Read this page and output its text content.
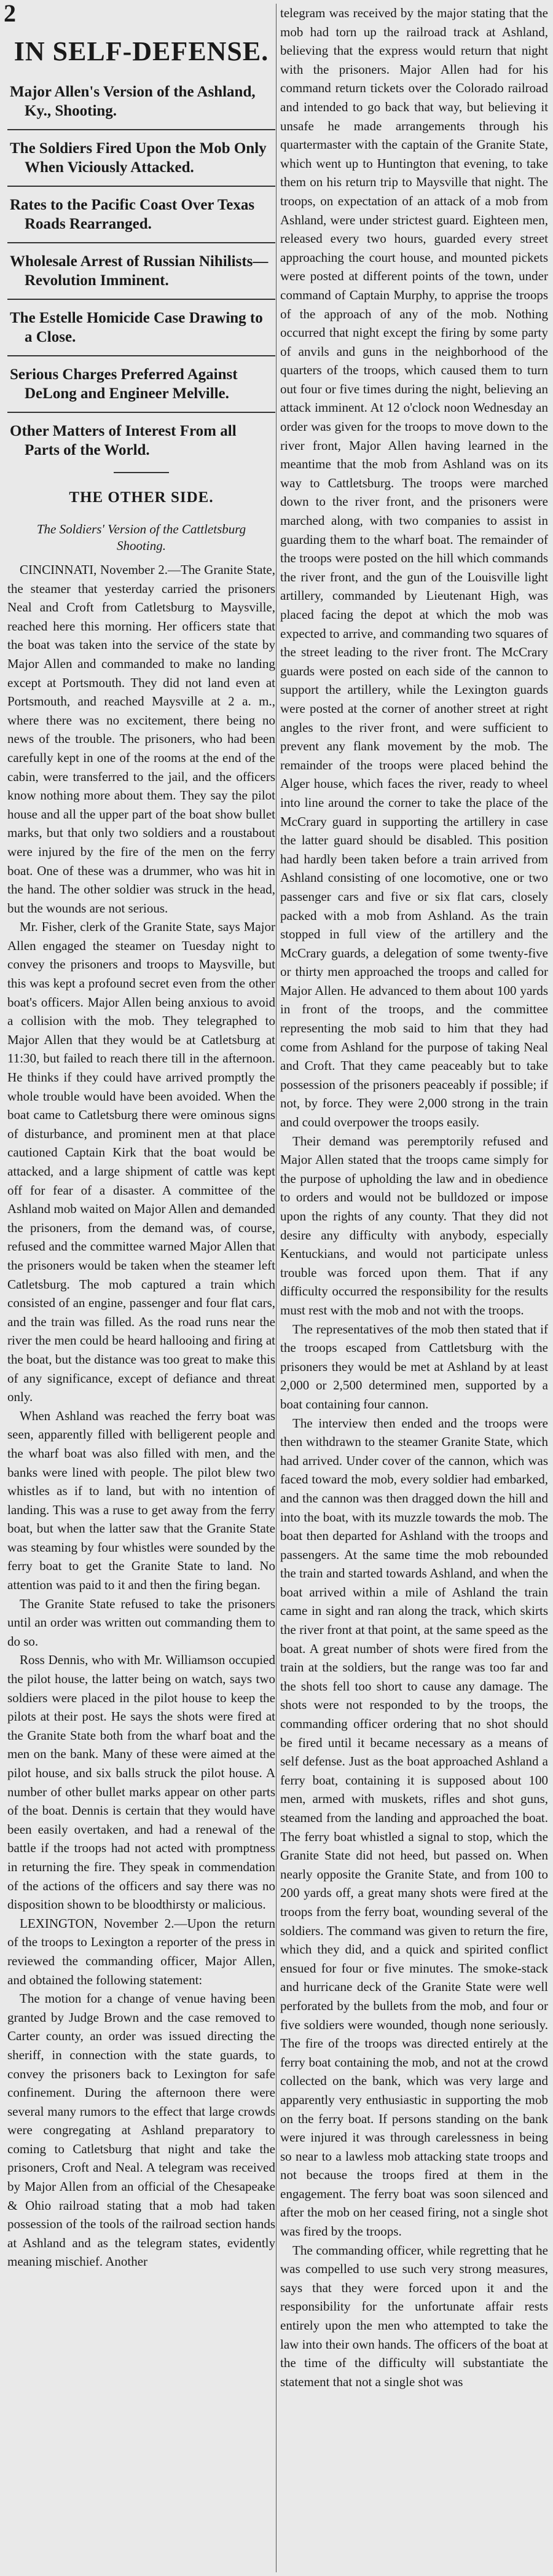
2
IN SELF-DEFENSE.

Major Allen's Version of the Ashland, Ky., Shooting.

The Soldiers Fired Upon the Mob Only When Viciously Attacked.

Rates to the Pacific Coast Over Texas Roads Rearranged.

Wholesale Arrest of Russian Nihilists—Revolution Imminent.

The Estelle Homicide Case Drawing to a Close.

Serious Charges Preferred Against DeLong and Engineer Melville.

Other Matters of Interest From all Parts of the World.

THE OTHER SIDE.
The Soldiers' Version of the Cattletsburg Shooting.

CINCINNATI, November 2.—The Granite State, the steamer that yesterday carried the prisoners Neal and Croft from Catletsburg to Maysville, reached here this morning. Her officers state that the boat was taken into the service of the state by Major Allen and commanded to make no landing except at Portsmouth. They did not land even at Portsmouth, and reached Maysville at 2 a. m., where there was no excitement, there being no news of the trouble. The prisoners, who had been carefully kept in one of the rooms at the end of the cabin, were transferred to the jail, and the officers know nothing more about them. They say the pilot house and all the upper part of the boat show bullet marks, but that only two soldiers and a roustabout were injured by the fire of the men on the ferry boat. One of these was a drummer, who was hit in the hand. The other soldier was struck in the head, but the wounds are not serious.

Mr. Fisher, clerk of the Granite State, says Major Allen engaged the steamer on Tuesday night to convey the prisoners and troops to Maysville, but this was kept a profound secret even from the other boat's officers. Major Allen being anxious to avoid a collision with the mob. They telegraphed to Major Allen that they would be at Catletsburg at 11:30, but failed to reach there till in the afternoon. He thinks if they could have arrived promptly the whole trouble would have been avoided. When the boat came to Catletsburg there were ominous signs of disturbance, and prominent men at that place cautioned Captain Kirk that the boat would be attacked, and a large shipment of cattle was kept off for fear of a disaster. A committee of the Ashland mob waited on Major Allen and demanded the prisoners, from the demand was, of course, refused and the committee warned Major Allen that the prisoners would be taken when the steamer left Catletsburg. The mob captured a train which consisted of an engine, passenger and four flat cars, and the train was filled. As the road runs near the river the men could be heard hallooing and firing at the boat, but the distance was too great to make this of any significance, except of defiance and threat only.

When Ashland was reached the ferry boat was seen, apparently filled with belligerent people and the wharf boat was also filled with men, and the banks were lined with people. The pilot blew two whistles as if to land, but with no intention of landing. This was a ruse to get away from the ferry boat, but when the latter saw that the Granite State was steaming by four whistles were sounded by the ferry boat to get the Granite State to land. No attention was paid to it and then the firing began.

The Granite State refused to take the prisoners until an order was written out commanding them to do so.

Ross Dennis, who with Mr. Williamson occupied the pilot house, the latter being on watch, says two soldiers were placed in the pilot house to keep the pilots at their post. He says the shots were fired at the Granite State both from the wharf boat and the men on the bank. Many of these were aimed at the pilot house, and six balls struck the pilot house. A number of other bullet marks appear on other parts of the boat. Dennis is certain that they would have been easily overtaken, and had a renewal of the battle if the troops had not acted with promptness in returning the fire. They speak in commendation of the actions of the officers and say there was no disposition shown to be bloodthirsty or malicious.

LEXINGTON, November 2.—Upon the return of the troops to Lexington a reporter of the press in reviewed the commanding officer, Major Allen, and obtained the following statement:

The motion for a change of venue having been granted by Judge Brown and the case removed to Carter county, an order was issued directing the sheriff, in connection with the state guards, to convey the prisoners back to Lexington for safe confinement. During the afternoon there were several many rumors to the effect that large crowds were congregating at Ashland preparatory to coming to Catletsburg that night and take the prisoners, Croft and Neal. A telegram was received by Major Allen from an official of the Chesapeake & Ohio railroad stating that a mob had taken possession of the tools of the railroad section hands at Ashland and as the telegram states, evidently meaning mischief. Another

telegram was received by the major stating that the mob had torn up the railroad track at Ashland, believing that the express would return that night with the prisoners. Major Allen had for his command return tickets over the Colorado railroad and intended to go back that way, but believing it unsafe he made arrangements through his quartermaster with the captain of the Granite State, which went up to Huntington that evening, to take them on his return trip to Maysville that night. The troops, on expectation of an attack of a mob from Ashland, were under strictest guard. Eighteen men, released every two hours, guarded every street approaching the court house, and mounted pickets were posted at different points of the town, under command of Captain Murphy, to apprise the troops of the approach of any of the mob. Nothing occurred that night except the firing by some party of anvils and guns in the neighborhood of the quarters of the troops, which caused them to turn out four or five times during the night, believing an attack imminent. At 12 o'clock noon Wednesday an order was given for the troops to move down to the river front, Major Allen having learned in the meantime that the mob from Ashland was on its way to Cattletsburg. The troops were marched down to the river front, and the prisoners were marched along, with two companies to assist in guarding them to the wharf boat. The remainder of the troops were posted on the hill which commands the river front, and the gun of the Louisville light artillery, commanded by Lieutenant High, was placed facing the depot at which the mob was expected to arrive, and commanding two squares of the street leading to the river front. The McCrary guards were posted on each side of the cannon to support the artillery, while the Lexington guards were posted at the corner of another street at right angles to the river front, and were sufficient to prevent any flank movement by the mob. The remainder of the troops were placed behind the Alger house, which faces the river, ready to wheel into line around the corner to take the place of the McCrary guard in supporting the artillery in case the latter guard should be disabled. This position had hardly been taken before a train arrived from Ashland consisting of one locomotive, one or two passenger cars and five or six flat cars, closely packed with a mob from Ashland. As the train stopped in full view of the artillery and the McCrary guards, a delegation of some twenty-five or thirty men approached the troops and called for Major Allen. He advanced to them about 100 yards in front of the troops, and the committee representing the mob said to him that they had come from Ashland for the purpose of taking Neal and Croft. That they came peaceably but to take possession of the prisoners peaceably if possible; if not, by force. They were 2,000 strong in the train and could overpower the troops easily.

Their demand was peremptorily refused and Major Allen stated that the troops came simply for the purpose of upholding the law and in obedience to orders and would not be bulldozed or impose upon the rights of any county. That they did not desire any difficulty with anybody, especially Kentuckians, and would not participate unless trouble was forced upon them. That if any difficulty occurred the responsibility for the results must rest with the mob and not with the troops.

The representatives of the mob then stated that if the troops escaped from Cattletsburg with the prisoners they would be met at Ashland by at least 2,000 or 2,500 determined men, supported by a boat containing four cannon.

The interview then ended and the troops were then withdrawn to the steamer Granite State, which had arrived. Under cover of the cannon, which was faced toward the mob, every soldier had embarked, and the cannon was then dragged down the hill and into the boat, with its muzzle towards the mob. The boat then departed for Ashland with the troops and passengers. At the same time the mob rebounded the train and started towards Ashland, and when the boat arrived within a mile of Ashland the train came in sight and ran along the track, which skirts the river front at that point, at the same speed as the boat. A great number of shots were fired from the train at the soldiers, but the range was too far and the shots fell too short to cause any damage. The shots were not responded to by the troops, the commanding officer ordering that no shot should be fired until it became necessary as a means of self defense. Just as the boat approached Ashland a ferry boat, containing it is supposed about 100 men, armed with muskets, rifles and shot guns, steamed from the landing and approached the boat. The ferry boat whistled a signal to stop, which the Granite State did not heed, but passed on. When nearly opposite the Granite State, and from 100 to 200 yards off, a great many shots were fired at the troops from the ferry boat, wounding several of the soldiers. The command was given to return the fire, which they did, and a quick and spirited conflict ensued for four or five minutes. The smoke-stack and hurricane deck of the Granite State were well perforated by the bullets from the mob, and four or five soldiers were wounded, though none seriously. The fire of the troops was directed entirely at the ferry boat containing the mob, and not at the crowd collected on the bank, which was very large and apparently very enthusiastic in supporting the mob on the ferry boat. If persons standing on the bank were injured it was through carelessness in being so near to a lawless mob attacking state troops and not because the troops fired at them in the engagement. The ferry boat was soon silenced and after the mob on her ceased firing, not a single shot was fired by the troops.

The commanding officer, while regretting that he was compelled to use such very strong measures, says that they were forced upon it and the responsibility for the unfortunate affair rests entirely upon the men who attempted to take the law into their own hands. The officers of the boat at the time of the difficulty will substantiate the statement that not a single shot was
